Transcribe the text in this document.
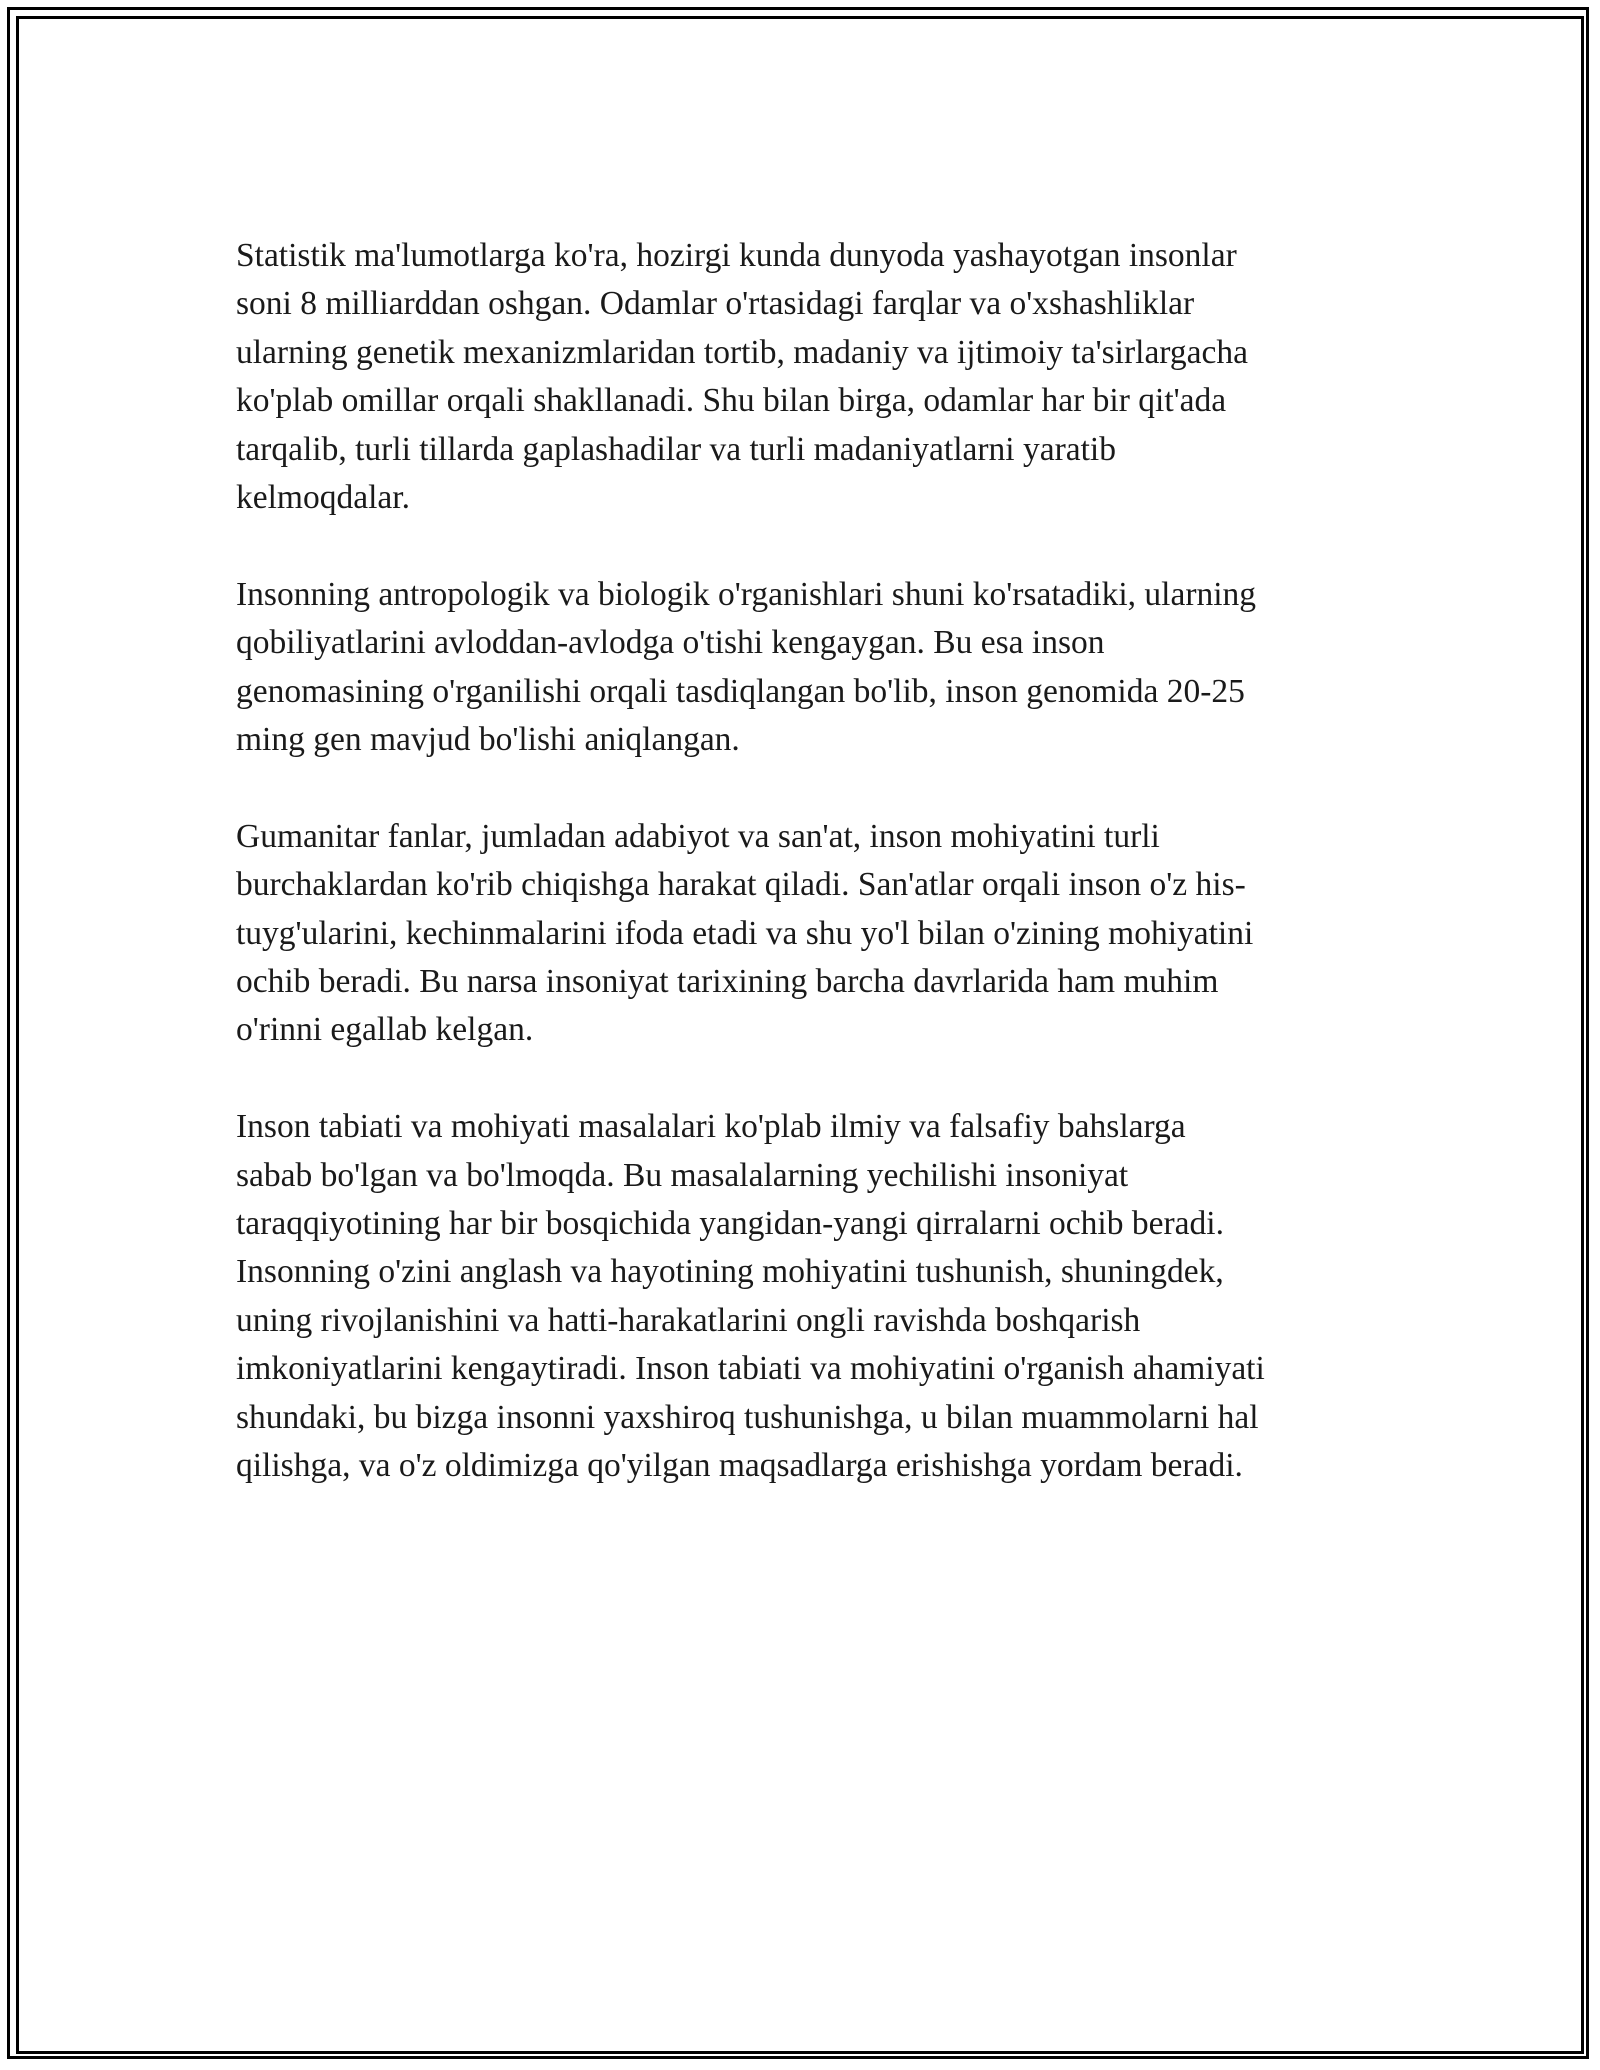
Statistik ma'lumotlarga ko'ra, hozirgi kunda dunyoda yashayotgan insonlar
soni 8 milliarddan oshgan. Odamlar o'rtasidagi farqlar va o'xshashliklar
ularning genetik mexanizmlaridan tortib, madaniy va ijtimoiy ta'sirlargacha
ko'plab omillar orqali shakllanadi. Shu bilan birga, odamlar har bir qit'ada
tarqalib, turli tillarda gaplashadilar va turli madaniyatlarni yaratib
kelmoqdalar.

Insonning antropologik va biologik o'rganishlari shuni ko'rsatadiki, ularning
qobiliyatlarini avloddan-avlodga o'tishi kengaygan. Bu esa inson
genomasining o'rganilishi orqali tasdiqlangan bo'lib, inson genomida 20-25
ming gen mavjud bo'lishi aniqlangan.

Gumanitar fanlar, jumladan adabiyot va san'at, inson mohiyatini turli
burchaklardan ko'rib chiqishga harakat qiladi. San'atlar orqali inson o'z his-
tuyg'ularini, kechinmalarini ifoda etadi va shu yo'l bilan o'zining mohiyatini
ochib beradi. Bu narsa insoniyat tarixining barcha davrlarida ham muhim
o'rinni egallab kelgan.

Inson tabiati va mohiyati masalalari ko'plab ilmiy va falsafiy bahslarga
sabab bo'lgan va bo'lmoqda. Bu masalalarning yechilishi insoniyat
taraqqiyotining har bir bosqichida yangidan-yangi qirralarni ochib beradi.
Insonning o'zini anglash va hayotining mohiyatini tushunish, shuningdek,
uning rivojlanishini va hatti-harakatlarini ongli ravishda boshqarish
imkoniyatlarini kengaytiradi. Inson tabiati va mohiyatini o'rganish ahamiyati
shundaki, bu bizga insonni yaxshiroq tushunishga, u bilan muammolarni hal
qilishga, va o'z oldimizga qo'yilgan maqsadlarga erishishga yordam beradi.
